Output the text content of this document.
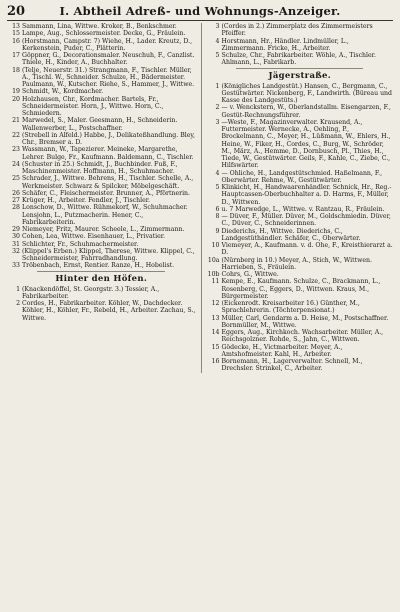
20	I. Abtheil Adreß- und Wohnungs-Anzeiger.
13 Sammann, Lina, Wittwe. Kroker, B., Benkschmer.
15 Lampe, Aug., Schlossermeister. Decke, G., Fräulein.
16 (Horstmann, Campstr. 7) Wiehe, H., Lader. Kreutz, D., Kerkenstein, Puder, C., Plätterin.
17 Göppner, G., Decorationsmaler. Neuschuh, F., Canzlist. Thiele, H., Kinder, A., Buchhalter.
18 (Telje, Neuerstr. 31.) Strangmann, F., Tischler. Müller, A., Tischl. W., Schneider. Schulze, H., Bädermeister. Paulmann, W., Kutscher. Riehe, S., Hammer, J., Wittwe.
19 Schmidt, W., Kordmacher.
20 Holzhausen, Chr., Kordmacher. Bartels, Fr., Schneidermeister. Horn, J., Wittwe. Horn, C., Schmiedern.
21 Marwedel, S., Maler. Geesmann, H., Schneiderin. Wallenwerber, L., Postschaffner.
22 (Strebell in Alfeld.) Habbe, J., Delikateßhandlung. Bley, Chr., Bremser a. D.
23 Wassmann, W., Tapezierer. Meineke, Margarethe, Lehrer. Bulge, Fr., Kaufmann. Baldemann, C., Tischler.
24 (Schuster in 25.) Schmidt, J., Buchbinder. Fuß, F., Maschinenmeister. Hoffmann, H., Schuhmacher.
25 Schrader, J., Wittwe. Behrens, H., Tischler. Schelle, A., Werkmeister. Schwarz & Spilcker, Möbelgeschäft.
26 Schäfer, C., Fleischermeister. Brunner, A., Pförtnerin.
27 Krüger, H., Arbeiter. Fendler, J., Tischler.
28 Lonschow, D., Wittwe. Rühmekorf, W., Schuhmacher. Lensjohn, L., Putzmacherin. Hener, C., Fabrikarbeiterin.
29 Niemeyer, Fritz, Maurer. Scheele, L., Zimmermann.
30 Cohen, Lea, Wittwe. Eisenhauer, L., Privatier.
31 Schlichter, Fr., Schuhmachermeister.
32 (Klippel's Erben.) Klippel, Therese, Wittwe. Klippel, C., Schneidermeister, Fahrradhandlung.
33 Tröbenbach, Ernst, Rentier. Ranze, H., Hobelist.
Hinter den Höfen.
1 (Knackendöffel, St. Georgstr. 3.) Tessier, A., Fabrikarbeiter.
2 Cordes, H., Fabrikarbeiter. Köhler, W., Dachdecker. Köhler, H., Köhler, Fr., Rebeld, H., Arbeiter. Zachau, S., Wittwe.
3 (Cordes in 2.) Zimmerplatz des Zimmermeisters Pfeiffer.
4 Horstmann, Hr., Händler. Lindmüller, L., Zimmermann. Fricke, H., Arbeiter.
5 Schulze, Chr., Fabrikarbeiter. Wöhle, A., Tischler. Ahlmann, L., Fabrikarb.
Jägerstraße.
1 (Königliches Landgestüt.) Hansen, C., Bergmann, C., Gestütwärter. Nickenberg, F., Landwirth. (Büreau und Kasse des Landgestüts.)
2 — v. Wenckstern, W., Oberlandstallm. Eisengarzen, F., Gestüt-Rechnungsführer.
3 —Weste, F., Magazinverwalter. Krausend, A., Futtermeister. Wernecke, A., Oehling, P., Brockelmann, C., Meyer, H., Lüßmann, W., Ehlers, H., Heine, W., Fiker, H., Cordes, C., Burg, W., Schröder, M., März, A., Hemme, D., Dornbusch, Pl., Thies, H., Tiede, W., Gestütwärter. Geils, F., Kahle, C., Ziebe, C., Hilfswärter.
4 — Ohliche, H., Landgestütschmied. Haßelmann, F., Oberwärter. Rehme, W., Gestütwärter.
5 Klinkicht, H., Handwaarenhändler. Schnick, Hr., Reg.-Hauptcassen-Oberbuchhalter a. D. Harms, F., Müller, D., Wittwen.
6 u. 7 Marwedge, L., Wittwe. v. Rantzau, R., Fräulein.
8 — Düver, F., Müller. Düver, M., Goldschmiedin. Düver, C., Düver, C., Schneiderinnen.
9 Diederichs, H., Wittwe. Diederichs, C., Landgestüthändler. Schäfer, C., Oberwärter.
10 Viemeyer, A., Kaufmann. v. d. Ohe, F., Kreisthierarzt a. D.
10a (Nürnberg in 10.) Meyer, A., Stich, W., Wittwen. Harrieben, S., Fräulein.
10b Cohrs, G., Wittwe.
11 Kempe, E., Kaufmann. Schulze, C., Brackmann, L., Rosenberg, C., Eggers, D., Wittwen. Kraus, M., Bürgermeister.
12 (Eickenrodt. Kreisarbeiter 16.) Günther, M., Sprachlehrerin. (Töchterpensionat.)
13 Müller, Carl, Gendarm a. D. Heise, M., Postschaffner. Bornmüller, M., Wittwe.
14 Eggers, Aug., Kirchkoch. Wachsarbeiter. Müller, A., Reichsgolzner. Rohde, S., Jahn, C., Wittwen.
15 Gödecke, H., Victmarbeiter. Meyer, A., Amtshofmeister. Kahl, H., Arbeiter.
16 Bornemann, H., Lagerverwalter. Schnell, M., Drechsler. Strinkel, C., Arbeiter.
